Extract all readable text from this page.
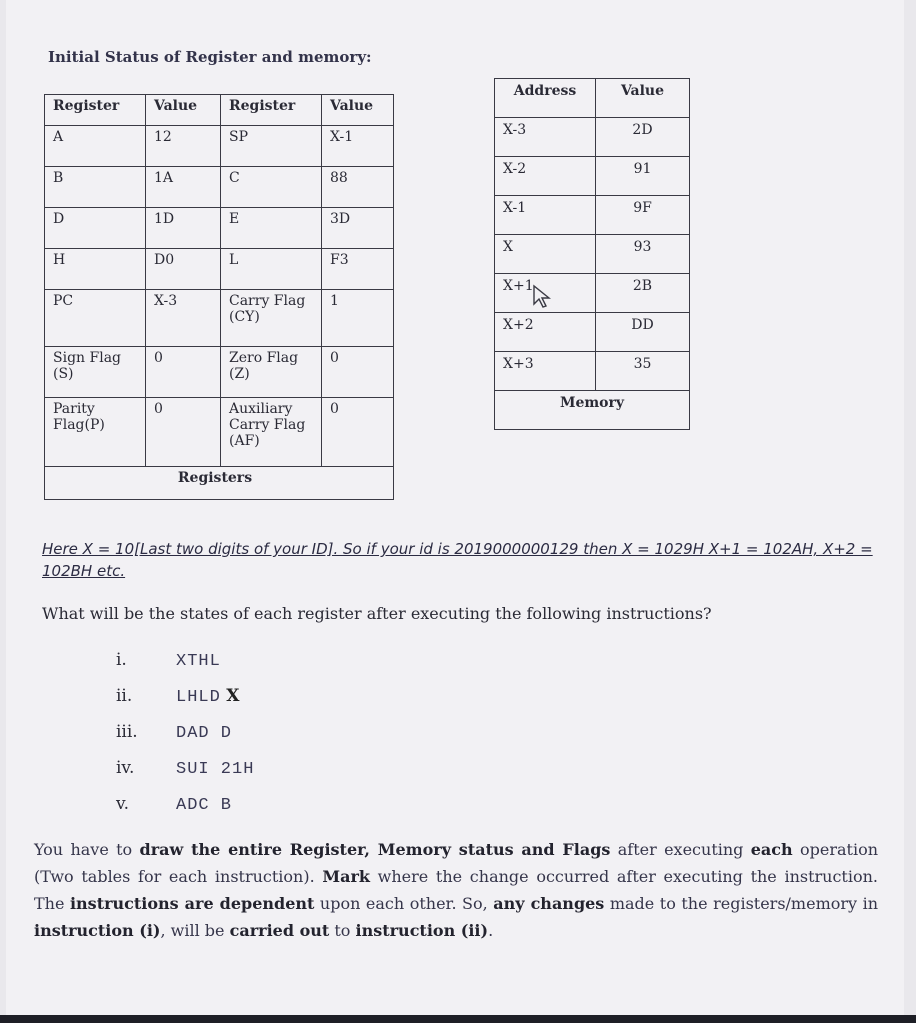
Initial Status of Register and memory:
Register	Value	Register	Value
A	12	SP	X-1
B	1A	C	88
D	1D	E	3D
H	D0	L	F3
PC	X-3	Carry Flag (CY)	1
Sign Flag (S)	0	Zero Flag (Z)	0
Parity Flag(P)	0	Auxiliary Carry Flag (AF)	0
Registers			
Address	Value
X-3	2D
X-2	91
X-1	9F
X	93
X+1	2B
X+2	DD
X+3	35
Memory	
Here X = 10[Last two digits of your ID]. So if your id is 2019000000129 then X = 1029H X+1 = 102AH, X+2 = 102BH etc.
What will be the states of each register after executing the following instructions?
i.	XTHL
ii.	LHLD X
iii. DAD D
iv. SUI 21H
v.	ADC B
You have to draw the entire Register, Memory status and Flags after executing each operation (Two tables for each instruction). Mark where the change occurred after executing the instruction. The instructions are dependent upon each other. So, any changes made to the registers/memory in instruction (i), will be carried out to instruction (ii).
